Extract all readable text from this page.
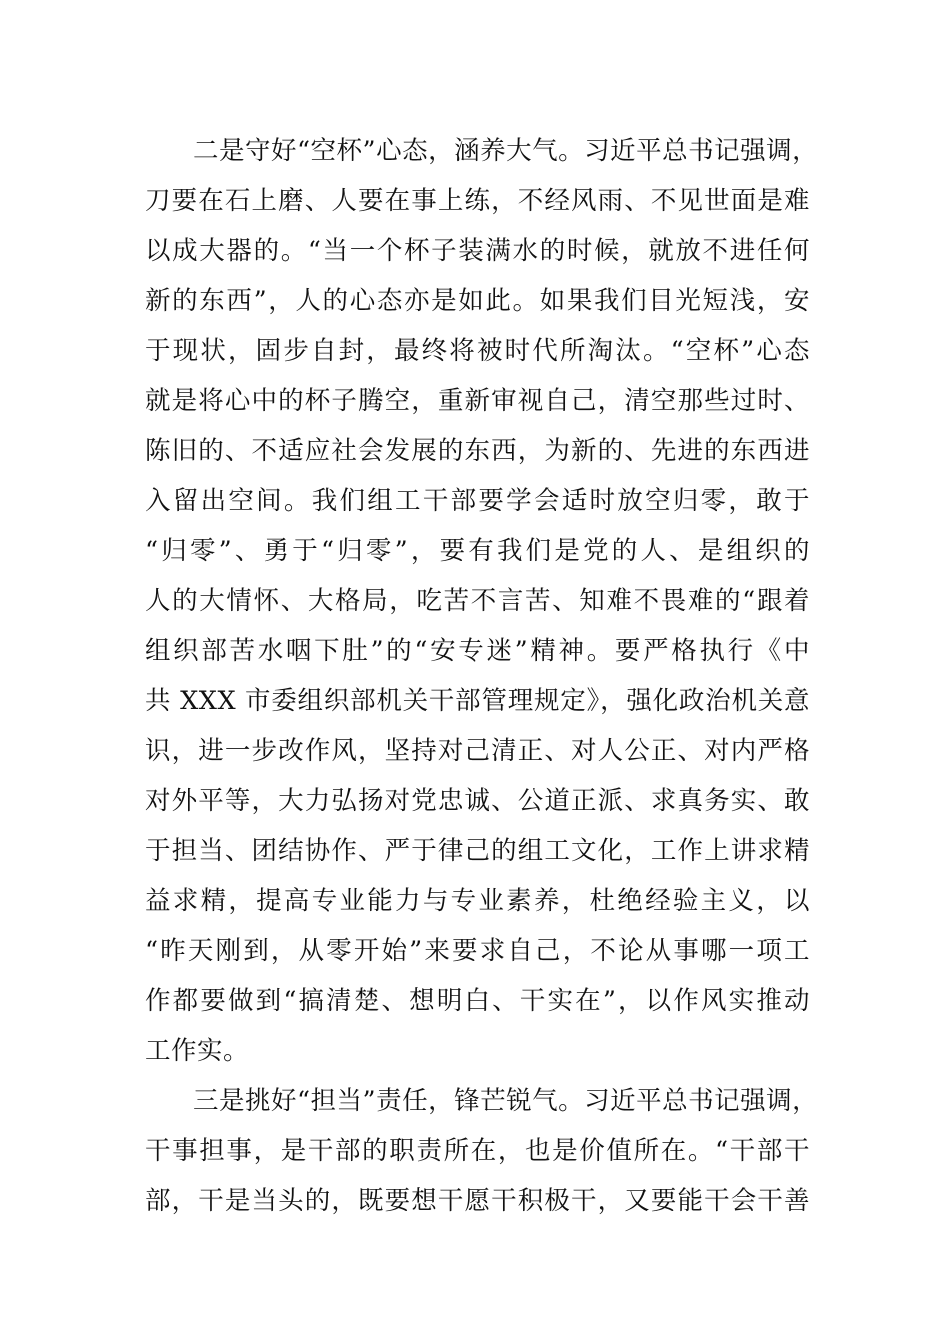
二是守好“空杯”心态，涵养大气。习近平总书记强调，
刀要在石上磨、人要在事上练，不经风雨、不见世面是难
以成大器的。“当一个杯子装满水的时候，就放不进任何
新的东西”，人的心态亦是如此。如果我们目光短浅，安
于现状，固步自封，最终将被时代所淘汰。“空杯”心态
就是将心中的杯子腾空，重新审视自己，清空那些过时、
陈旧的、不适应社会发展的东西，为新的、先进的东西进
入留出空间。我们组工干部要学会适时放空归零，敢于
“归零”、勇于“归零”，要有我们是党的人、是组织的
人的大情怀、大格局，吃苦不言苦、知难不畏难的“跟着
组织部苦水咽下肚”的“安专迷”精神。要严格执行《中
共 XXX 市委组织部机关干部管理规定》，强化政治机关意
识，进一步改作风，坚持对己清正、对人公正、对内严格
对外平等，大力弘扬对党忠诚、公道正派、求真务实、敢
于担当、团结协作、严于律己的组工文化，工作上讲求精
益求精，提高专业能力与专业素养，杜绝经验主义，以
“昨天刚到，从零开始”来要求自己，不论从事哪一项工
作都要做到“搞清楚、想明白、干实在”，以作风实推动
工作实。
三是挑好“担当”责任，锋芒锐气。习近平总书记强调，
干事担事，是干部的职责所在，也是价值所在。“干部干
部，干是当头的，既要想干愿干积极干，又要能干会干善
